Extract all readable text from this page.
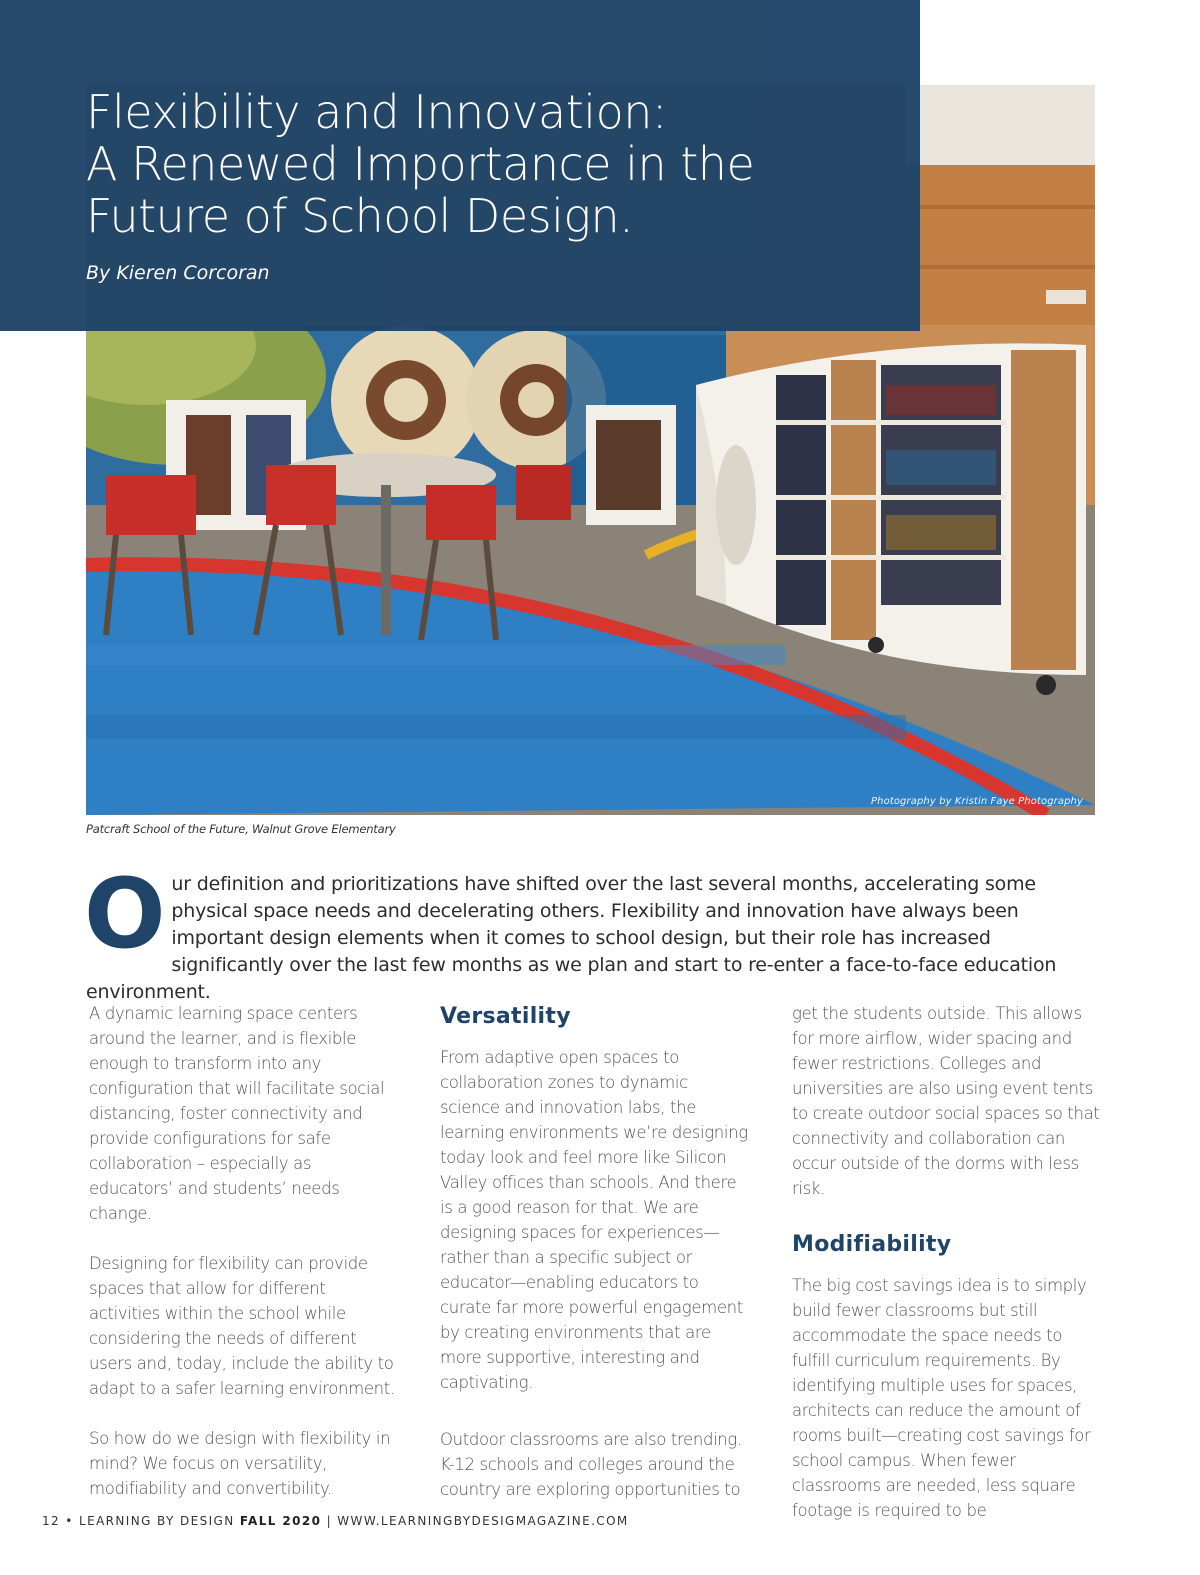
Photography by Kristin Faye Photography
Flexibility and Innovation:
A Renewed Importance in the
Future of School Design.

By Kieren Corcoran

Patcraft School of the Future, Walnut Grove Elementary

Our definition and prioritizations have shifted over the last several months, accelerating some physical space needs and decelerating others. Flexibility and innovation have always been important design elements when it comes to school design, but their role has increased significantly over the last few months as we plan and start to re-enter a face-to-face education environment.

A dynamic learning space centers around the learner, and is flexible enough to transform into any configuration that will facilitate social distancing, foster connectivity and provide configurations for safe collaboration – especially as educators’ and students’ needs change.

Designing for flexibility can provide spaces that allow for different activities within the school while considering the needs of different users and, today, include the ability to adapt to a safer learning environment.

So how do we design with flexibility in mind? We focus on versatility, modifiability and convertibility.

Versatility

From adaptive open spaces to collaboration zones to dynamic science and innovation labs, the learning environments we’re designing today look and feel more like Silicon Valley offices than schools. And there is a good reason for that. We are designing spaces for experiences—rather than a specific subject or educator—enabling educators to curate far more powerful engagement by creating environments that are more supportive, interesting and captivating.

Outdoor classrooms are also trending. K-12 schools and colleges around the country are exploring opportunities to

get the students outside. This allows for more airflow, wider spacing and fewer restrictions. Colleges and universities are also using event tents to create outdoor social spaces so that connectivity and collaboration can occur outside of the dorms with less risk.

Modifiability

The big cost savings idea is to simply build fewer classrooms but still accommodate the space needs to fulfill curriculum requirements. By identifying multiple uses for spaces, architects can reduce the amount of rooms built—creating cost savings for school campus. When fewer classrooms are needed, less square footage is required to be

12 • LEARNING BY DESIGN FALL 2020 | WWW.LEARNINGBYDESIGMAGAZINE.COM
